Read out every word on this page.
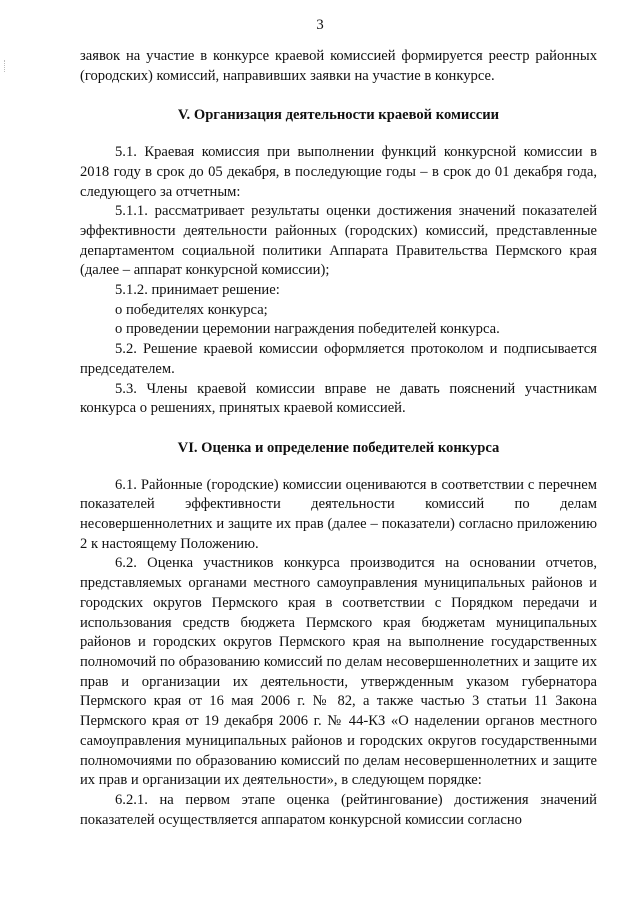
3

заявок на участие в конкурсе краевой комиссией формируется реестр районных (городских) комиссий, направивших заявки на участие в конкурсе.

V. Организация деятельности краевой комиссии

5.1. Краевая комиссия при выполнении функций конкурсной комиссии в 2018 году в срок до 05 декабря, в последующие годы – в срок до 01 декабря года, следующего за отчетным:

5.1.1. рассматривает результаты оценки достижения значений показателей эффективности деятельности районных (городских) комиссий, представленные департаментом социальной политики Аппарата Правительства Пермского края (далее – аппарат конкурсной комиссии);

5.1.2. принимает решение:

о победителях конкурса;

о проведении церемонии награждения победителей конкурса.

5.2. Решение краевой комиссии оформляется протоколом и подписывается председателем.

5.3. Члены краевой комиссии вправе не давать пояснений участникам конкурса о решениях, принятых краевой комиссией.

VI. Оценка и определение победителей конкурса

6.1. Районные (городские) комиссии оцениваются в соответствии с перечнем показателей эффективности деятельности комиссий по делам несовершеннолетних и защите их прав (далее – показатели) согласно приложению 2 к настоящему Положению.

6.2. Оценка участников конкурса производится на основании отчетов, представляемых органами местного самоуправления муниципальных районов и городских округов Пермского края в соответствии с Порядком передачи и использования средств бюджета Пермского края бюджетам муниципальных районов и городских округов Пермского края на выполнение государственных полномочий по образованию комиссий по делам несовершеннолетних и защите их прав и организации их деятельности, утвержденным указом губернатора Пермского края от 16 мая 2006 г. № 82, а также частью 3 статьи 11 Закона Пермского края от 19 декабря 2006 г. № 44-КЗ «О наделении органов местного самоуправления муниципальных районов и городских округов государственными полномочиями по образованию комиссий по делам несовершеннолетних и защите их прав и организации их деятельности», в следующем порядке:

6.2.1. на первом этапе оценка (рейтингование) достижения значений показателей осуществляется аппаратом конкурсной комиссии согласно
